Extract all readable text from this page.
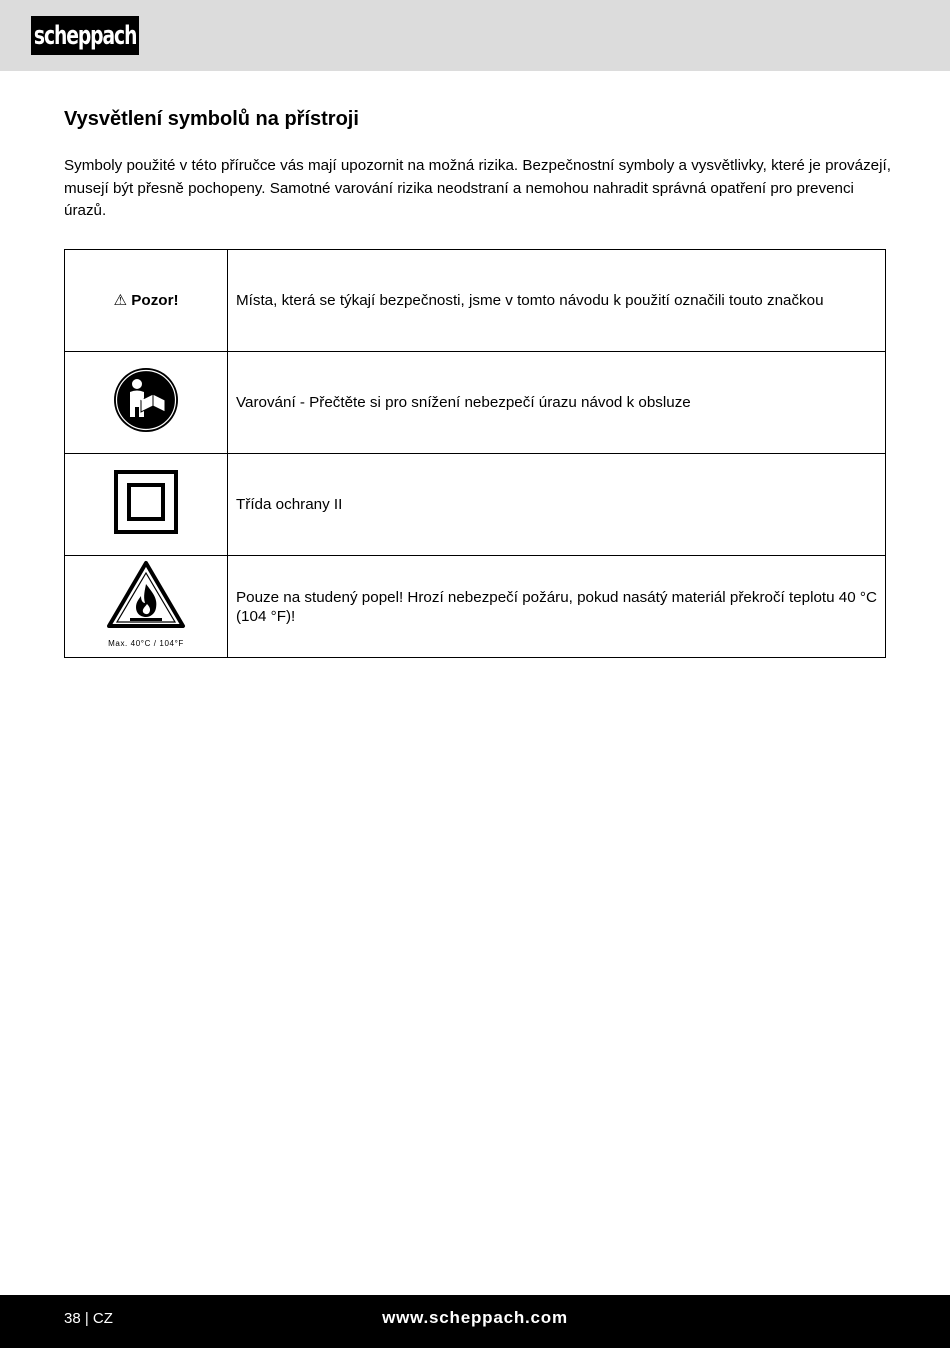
scheppach
Vysvětlení symbolů na přístroji

Symboly použité v této příručce vás mají upozornit na možná rizika. Bezpečnostní symboly a vysvětlivky, které je provázejí, musejí být přesně pochopeny. Samotné varování rizika neodstraní a nemohou nahradit správná opatření pro prevenci úrazů.

⚠ Pozor!	Místa, která se týkají bezpečnosti, jsme v tomto návodu k použití označili touto značkou
	Varování - Přečtěte si pro snížení nebezpečí úrazu návod k obsluze
	Třída ochrany II

Max. 40°C / 104°F	Pouze na studený popel! Hrozí nebezpečí požáru, pokud nasátý materiál překročí teplotu 40 °C (104 °F)!
38 | CZ	www.scheppach.com
